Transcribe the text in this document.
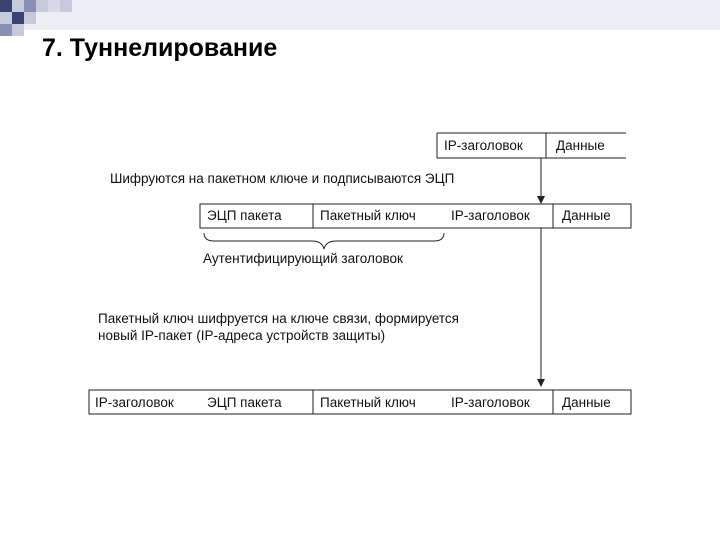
7. Туннелирование
IP-заголовок Данные
Шифруются на пакетном ключе и подписываются ЭЦП
ЭЦП пакета	Пакетный ключ	IP-заголовок Данные
Аутентифицирующий заголовок
Пакетный ключ шифруется на ключе связи, формируется
новый IP-пакет (IP-адреса устройств защиты)
IP-заголовок ЭЦП пакета	Пакетный ключ	IP-заголовок Данные
